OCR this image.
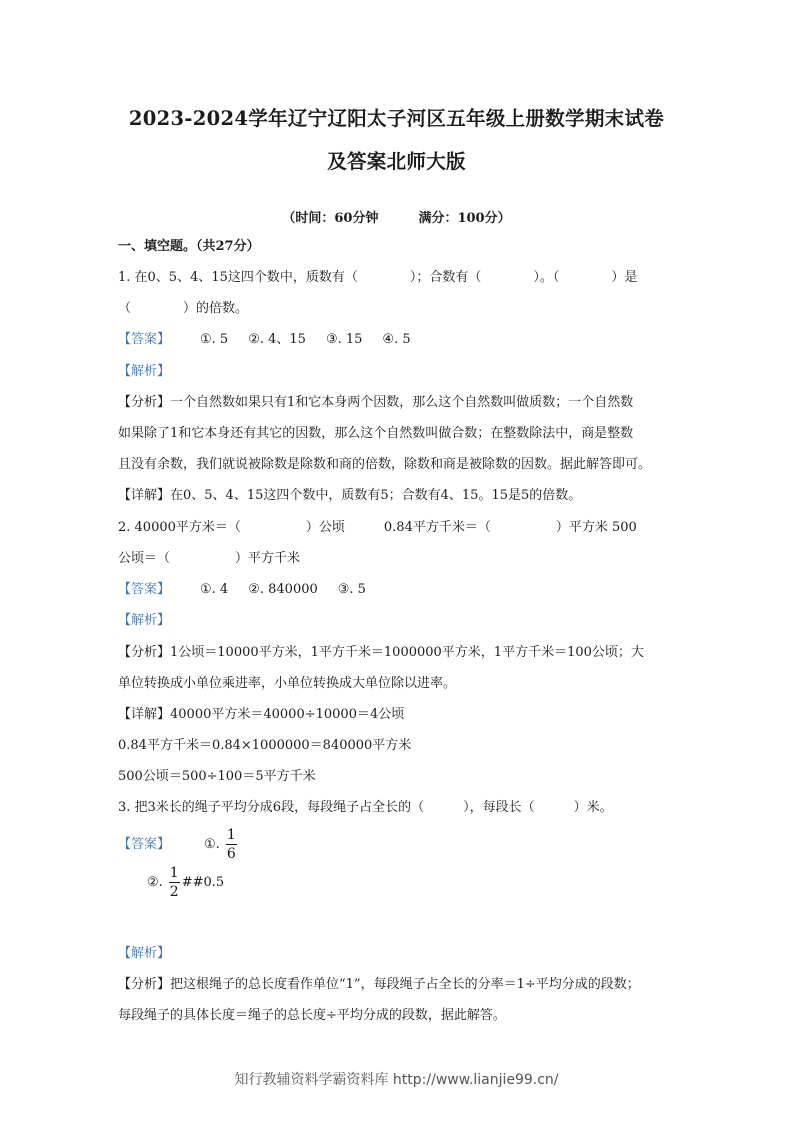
2023-2024学年辽宁辽阳太子河区五年级上册数学期末试卷
及答案北师大版
（时间：60分钟	满分：100分）
一、填空题。（共27分）
1. 在0、5、4、15这四个数中，质数有（　　　　）；合数有（　　　　）。（　　　　）是
（　　　　）的倍数。
【答案】 ①. 5 ②. 4、15 ③. 15 ④. 5
【解析】
【分析】一个自然数如果只有1和它本身两个因数，那么这个自然数叫做质数；一个自然数
如果除了1和它本身还有其它的因数，那么这个自然数叫做合数；在整数除法中，商是整数
且没有余数，我们就说被除数是除数和商的倍数，除数和商是被除数的因数。据此解答即可。
【详解】在0、5、4、15这四个数中，质数有5；合数有4、15。15是5的倍数。
2. 40000平方米＝（　　　　　）公顷　　　0.84平方千米＝（　　　　　）平方米 500
公顷＝（　　　　　）平方千米
【答案】 ①. 4 ②. 840000 ③. 5
【解析】
【分析】1公顷＝10000平方米，1平方千米＝1000000平方米，1平方千米＝100公顷；大
单位转换成小单位乘进率，小单位转换成大单位除以进率。
【详解】40000平方米＝40000÷10000＝4公顷
0.84平方千米＝0.84×1000000＝840000平方米
500公顷＝500÷100＝5平方千米
3. 把3米长的绳子平均分成6段，每段绳子占全长的（　　　），每段长（　　　）米。
【答案】	①. $\frac{1}{6}$
②. $\frac{1}{2}$ ##0.5
【解析】
【分析】把这根绳子的总长度看作单位“1”，每段绳子占全长的分率＝1÷平均分成的段数；
每段绳子的具体长度＝绳子的总长度÷平均分成的段数，据此解答。
知行教辅资料学霸资料库 http://www.lianjie99.cn/
